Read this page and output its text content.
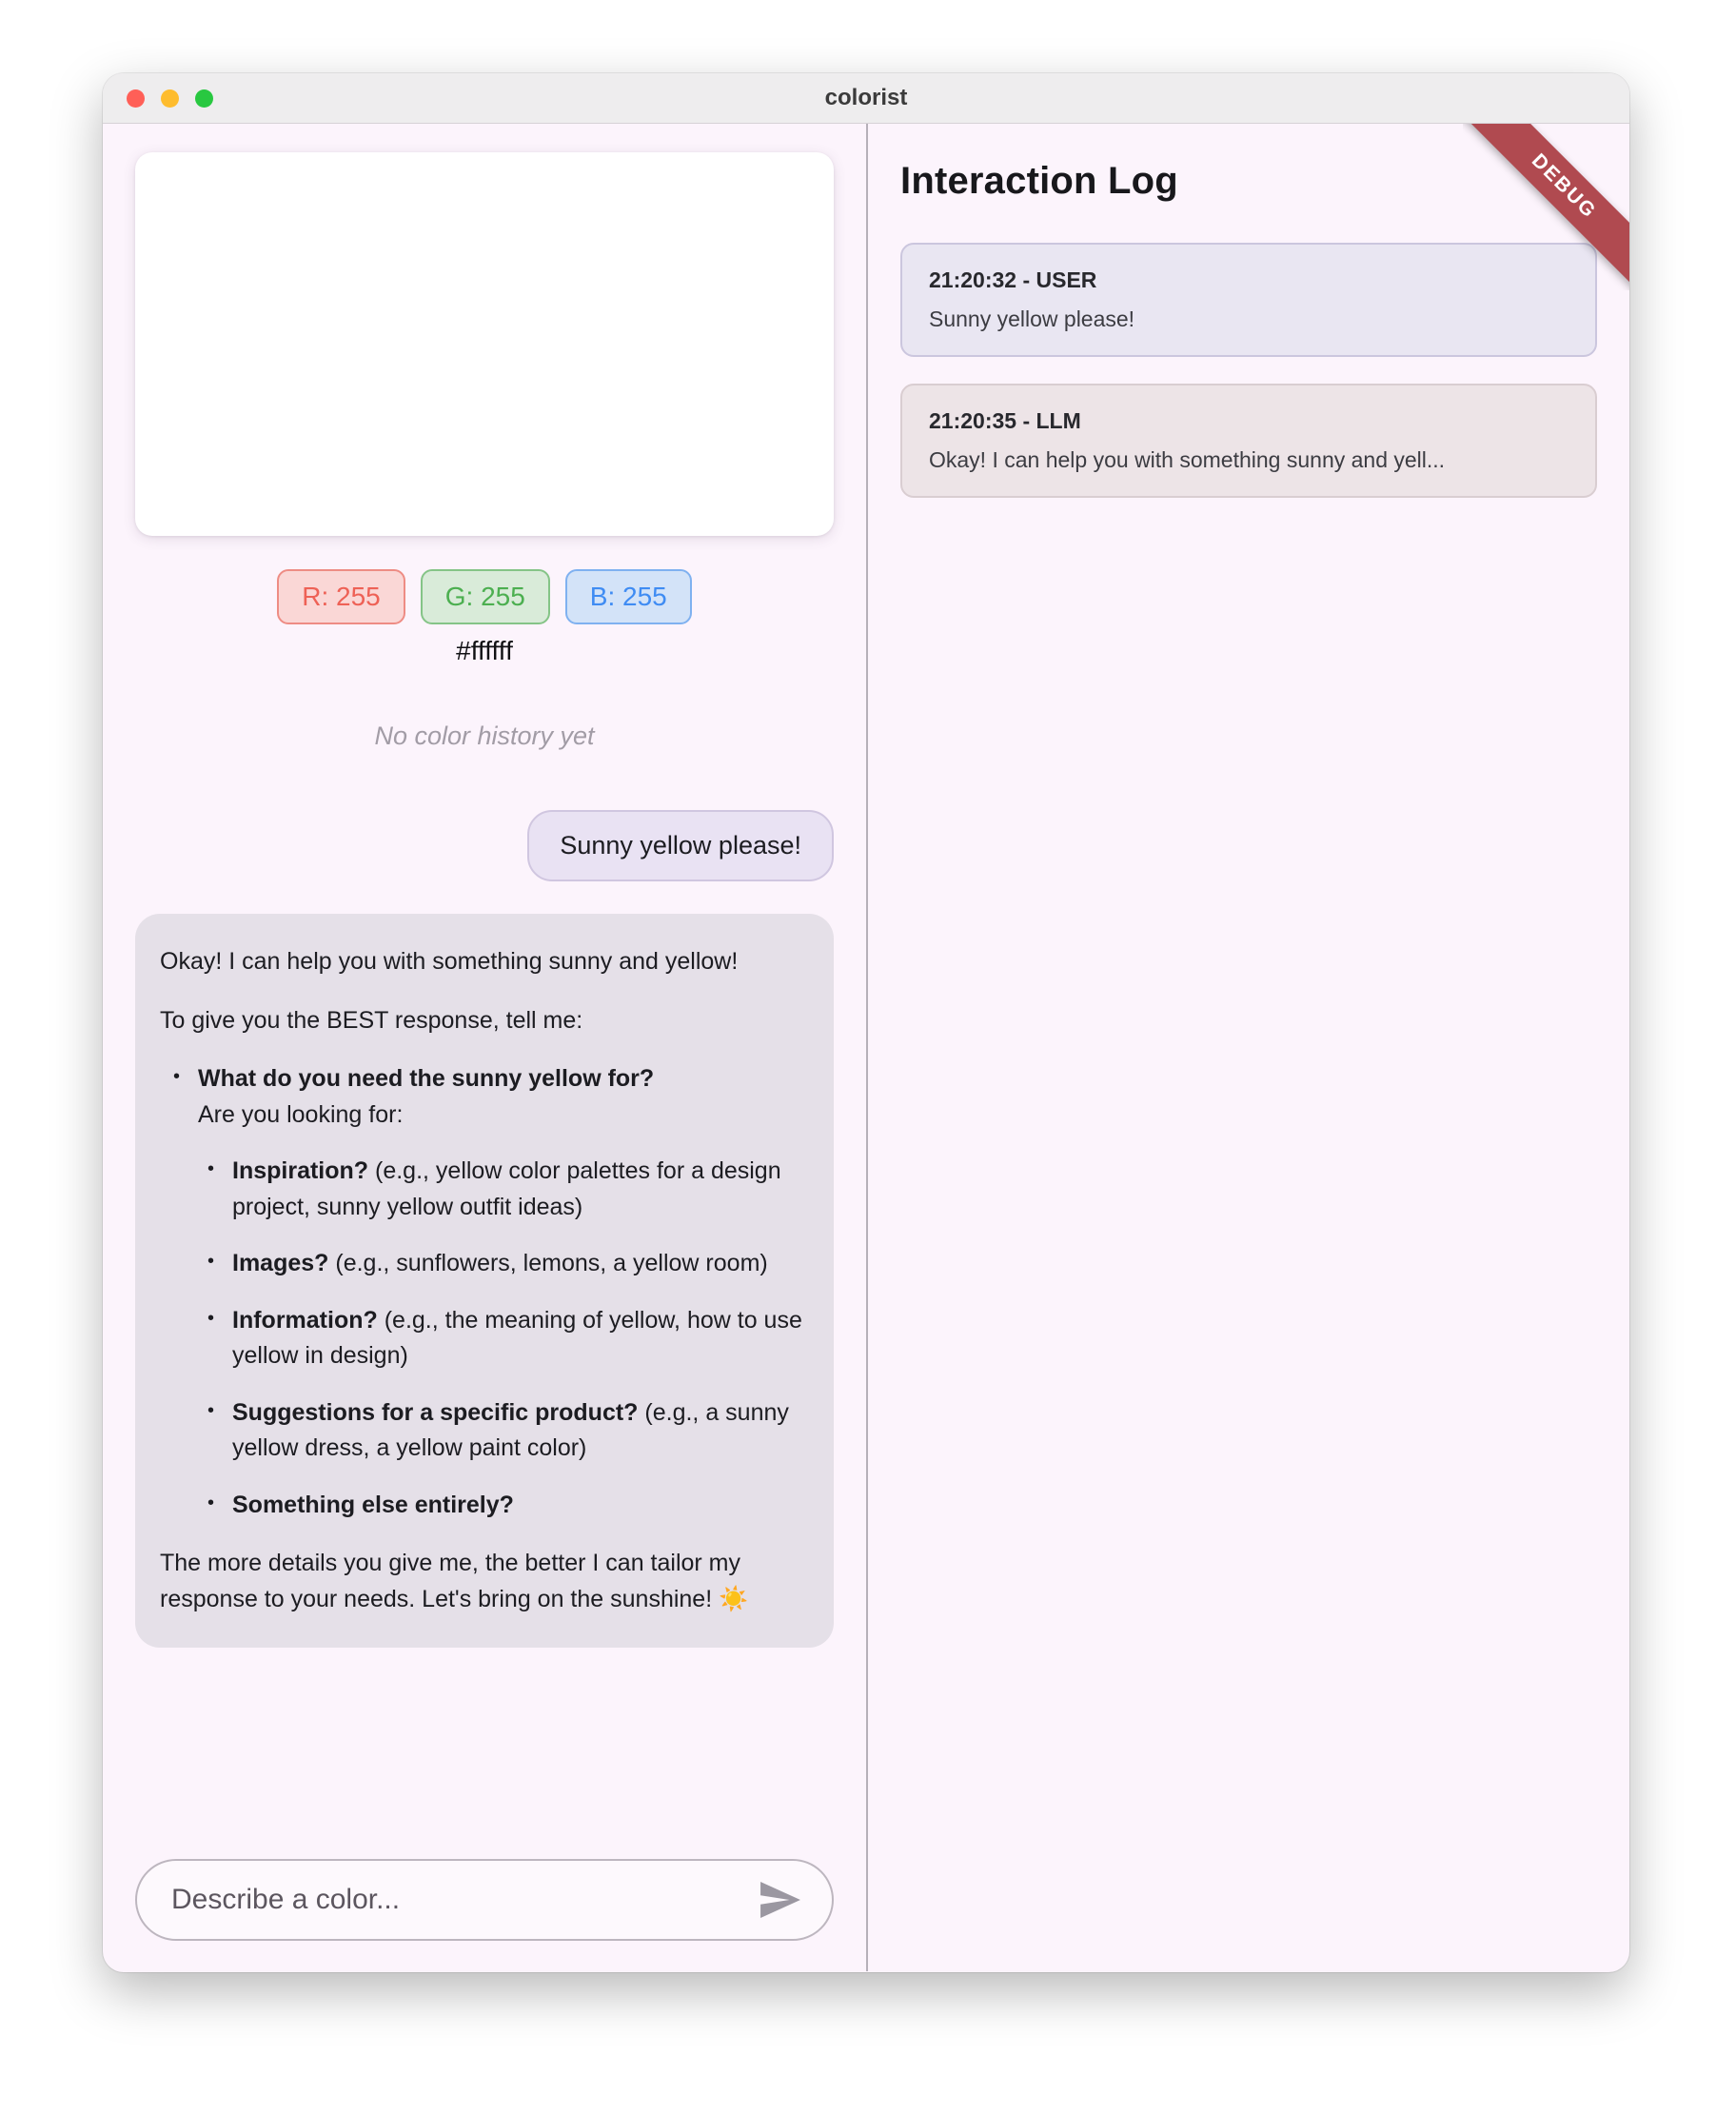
colorist
DEBUG
R: 255	G: 255	B: 255
#ffffff
No color history yet
Sunny yellow please!

Okay! I can help you with something sunny and yellow!

To give you the BEST response, tell me:

• What do you need the sunny yellow for?
Are you looking for:
• Inspiration? (e.g., yellow color palettes for a design project, sunny yellow outfit ideas)
• Images? (e.g., sunflowers, lemons, a yellow room)
• Information? (e.g., the meaning of yellow, how to use yellow in design)
• Suggestions for a specific product? (e.g., a sunny yellow dress, a yellow paint color)
• Something else entirely?

The more details you give me, the better I can tailor my response to your needs. Let's bring on the sunshine! ☀️

Describe a color...
Interaction Log
21:20:32 - USER
Sunny yellow please!
21:20:35 - LLM
Okay! I can help you with something sunny and yell...
